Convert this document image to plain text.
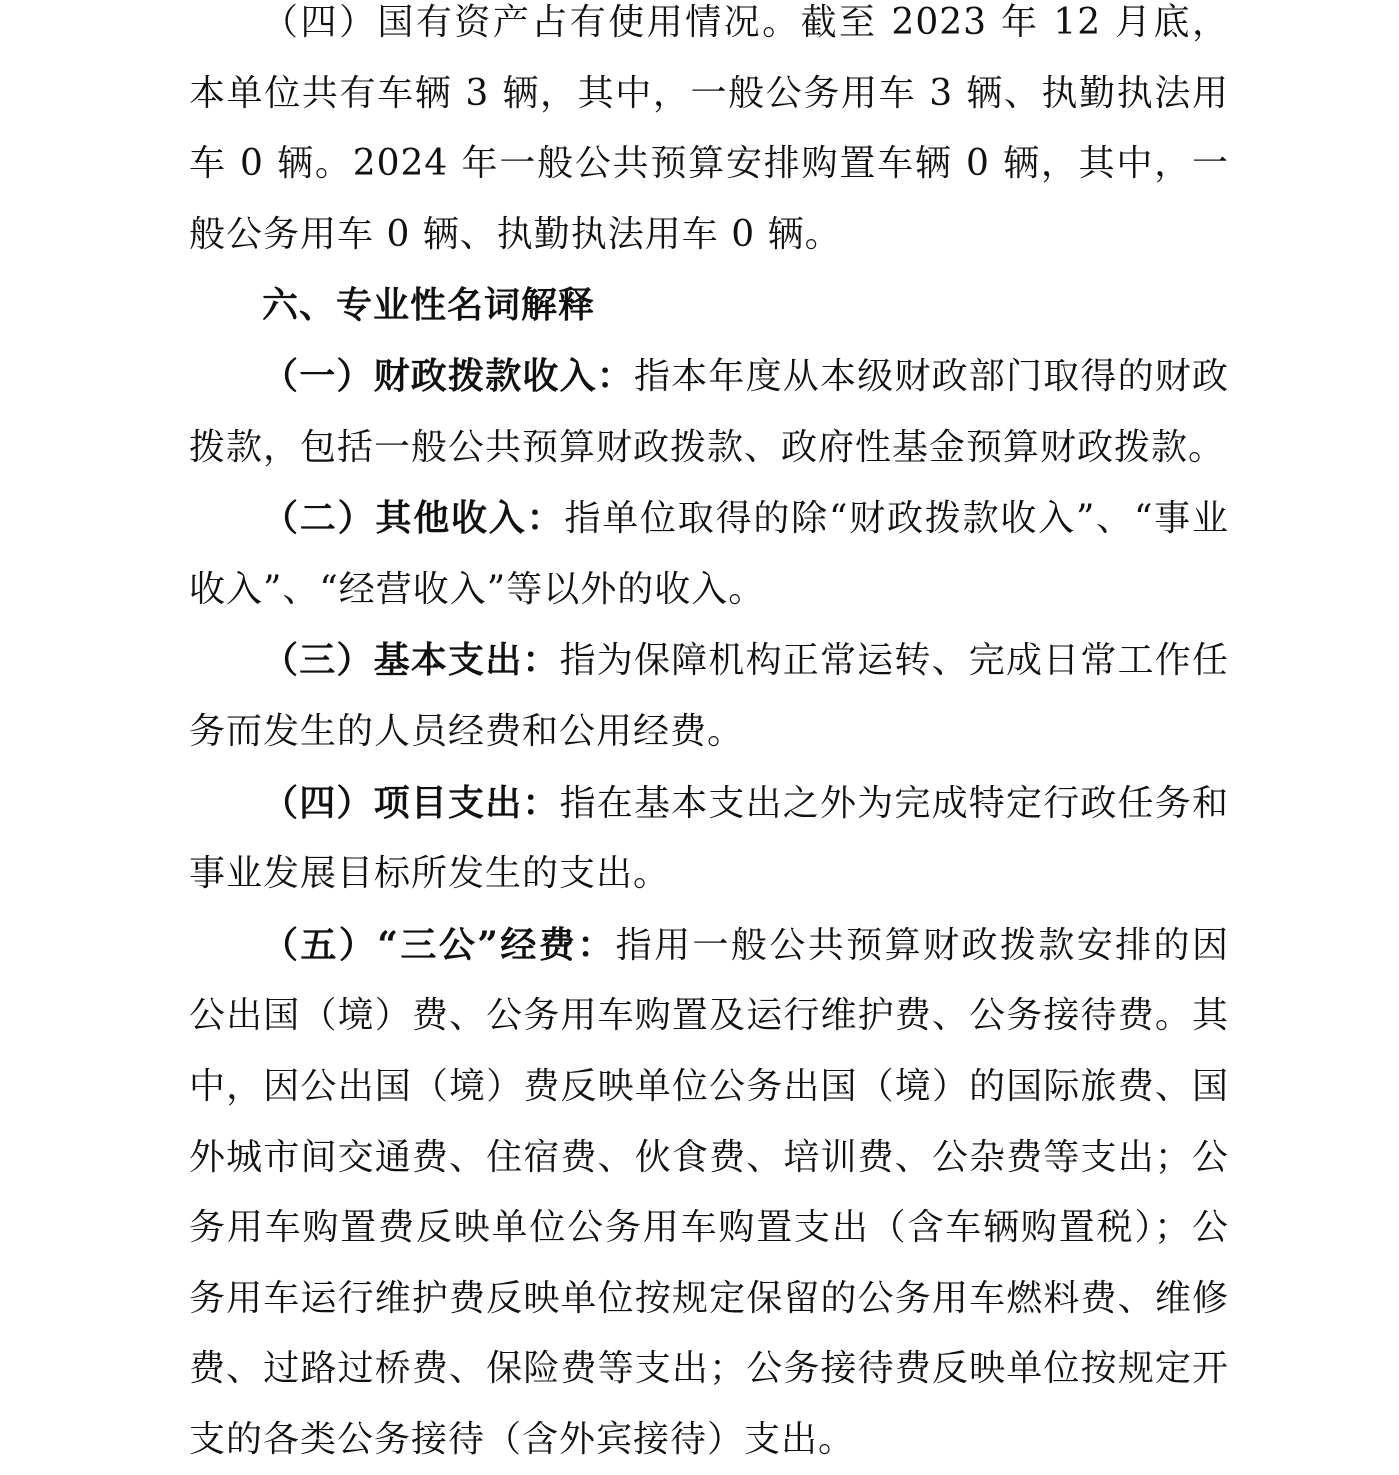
（四）国有资产占有使用情况。截至 2023 年 12 月底，本单位共有车辆 3 辆，其中，一般公务用车 3 辆、执勤执法用车 0 辆。2024 年一般公共预算安排购置车辆 0 辆，其中，一般公务用车 0 辆、执勤执法用车 0 辆。

六、专业性名词解释

（一）财政拨款收入：指本年度从本级财政部门取得的财政拨款，包括一般公共预算财政拨款、政府性基金预算财政拨款。

（二）其他收入：指单位取得的除“财政拨款收入”、“事业收入”、“经营收入”等以外的收入。

（三）基本支出：指为保障机构正常运转、完成日常工作任务而发生的人员经费和公用经费。

（四）项目支出：指在基本支出之外为完成特定行政任务和事业发展目标所发生的支出。

（五）“三公”经费：指用一般公共预算财政拨款安排的因公出国（境）费、公务用车购置及运行维护费、公务接待费。其中，因公出国（境）费反映单位公务出国（境）的国际旅费、国外城市间交通费、住宿费、伙食费、培训费、公杂费等支出；公务用车购置费反映单位公务用车购置支出（含车辆购置税）；公务用车运行维护费反映单位按规定保留的公务用车燃料费、维修费、过路过桥费、保险费等支出；公务接待费反映单位按规定开支的各类公务接待（含外宾接待）支出。
